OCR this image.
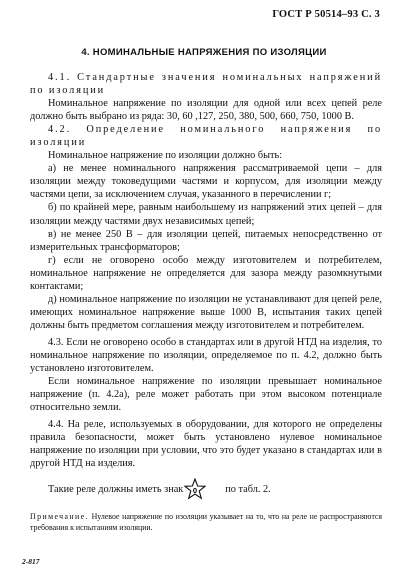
ГОСТ Р 50514–93 С. 3
4. НОМИНАЛЬНЫЕ НАПРЯЖЕНИЯ ПО ИЗОЛЯЦИИ

4.1. Стандартные значения номинальных напряжений по изоляции

Номинальное напряжение по изоляции для одной или всех цепей реле должно быть выбрано из ряда: 30, 60 ,127, 250, 380, 500, 660, 750, 1000 В.

4.2. Определение номинального напряжения по изоляции

Номинальное напряжение по изоляции должно быть:

а) не менее номинального напряжения рассматриваемой цепи – для изоляции между токоведущими частями и корпусом, для изоляции между частями цепи, за исключением случая, указанного в перечислении г;

б) по крайней мере, равным наибольшему из напряжений этих цепей – для изоляции между частями двух независимых цепей;

в) не менее 250 В – для изоляции цепей, питаемых непосредственно от измерительных трансформаторов;

г) если не оговорено особо между изготовителем и потребителем, номинальное напряжение не определяется для зазора между разомкнутыми контактами;

д) номинальное напряжение по изоляции не устанавливают для цепей реле, имеющих номинальное напряжение выше 1000 В, испытания таких цепей должны быть предметом соглашения между изготовителем и потребителем.

4.3. Если не оговорено особо в стандартах или в другой НТД на изделия, то номинальное напряжение по изоляции, определяемое по п. 4.2, должно быть установлено изготовителем.

Если номинальное напряжение по изоляции превышает номинальное напряжение (п. 4.2а), реле может работать при этом высоком потенциале относительно земли.

4.4. На реле, используемых в оборудовании, для которого не определены правила безопасности, может быть установлено нулевое номинальное напряжение по изоляции при условии, что это будет указано в стандартах или в другой НТД на изделия.

Такие реле должны иметь знак 0	по табл. 2.
Примечание. Нулевое напряжение по изоляции указывает на то, что на реле не распространяются требования к испытаниям изоляции.
2-817
